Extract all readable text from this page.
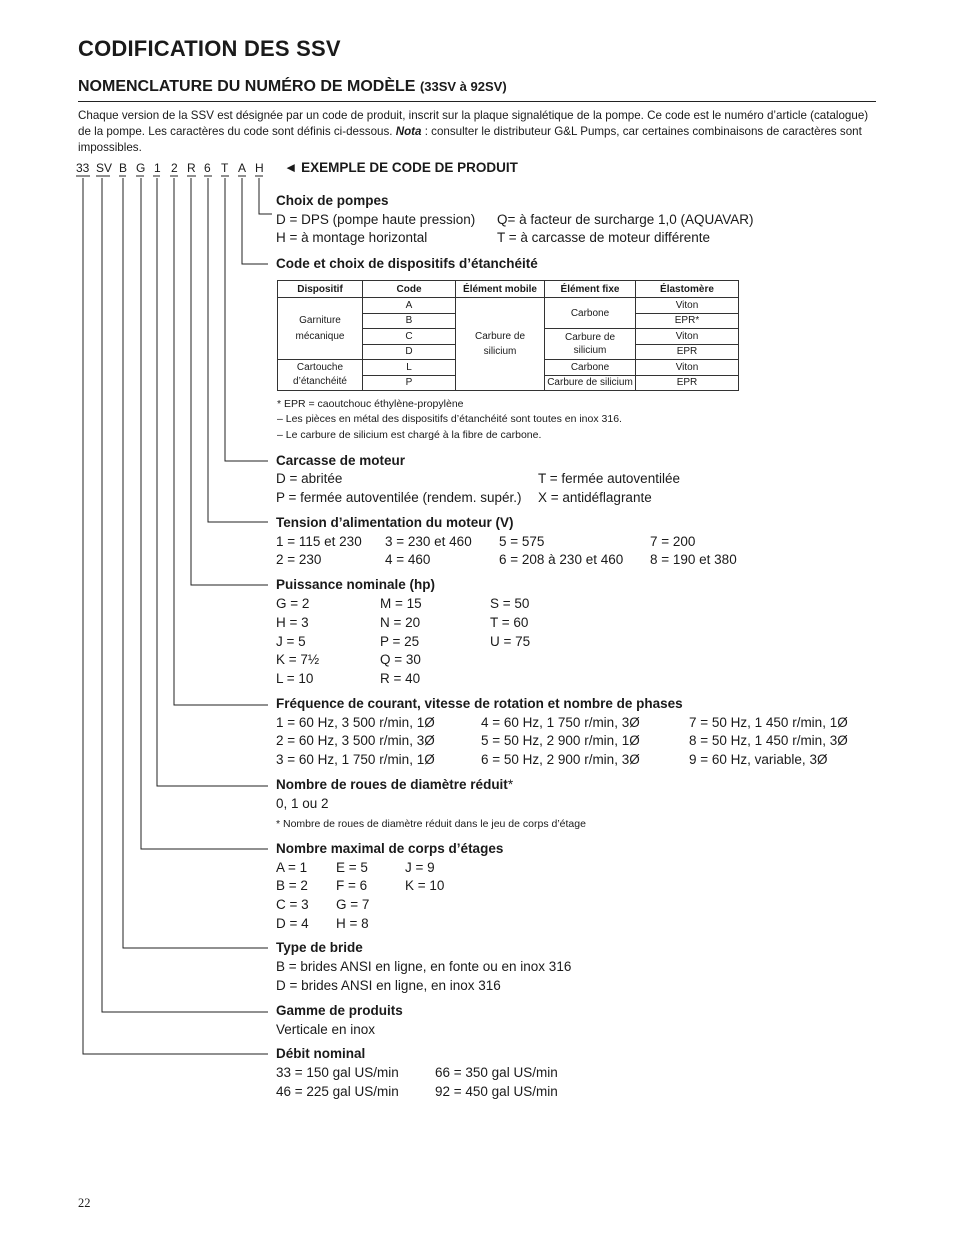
CODIFICATION DES SSV
NOMENCLATURE DU NUMÉRO DE MODÈLE (33SV à 92SV)
Chaque version de la SSV est désignée par un code de produit, inscrit sur la plaque signalétique de la pompe. Ce code est le numéro d’article (catalogue) de la pompe. Les caractères du code sont définis ci-dessous. Nota : consulter le distributeur G&L Pumps, car certaines combinaisons de caractères sont impossibles.
33 SV B G 1 2 R 6 T A H ◄ EXEMPLE DE CODE DE PRODUIT
Choix de pompes
D = DPS (pompe haute pression) Q= à facteur de surcharge 1,0 (AQUAVAR)
H = à montage horizontal	T = à carcasse de moteur différente
Code et choix de dispositifs d’étanchéité
Dispositif	Code	Élément mobile	Élément fixe	Élastomère

Garniture mécanique	A	Carbure de silicium	Carbone	Viton
	B			EPR*
	C		Carbure de silicium	Viton
	D			EPR

Cartouche d’étanchéité	L		Carbone	Viton
	P		Carbure de silicium	EPR
* EPR = caoutchouc éthylène-propylène
– Les pièces en métal des dispositifs d’étanchéité sont toutes en inox 316.
– Le carbure de silicium est chargé à la fibre de carbone.
Carcasse de moteur
D = abritée	T = fermée autoventilée
P = fermée autoventilée (rendem. supér.) X = antidéflagrante
Tension d’alimentation du moteur (V)
1 = 115 et 230 3 = 230 et 460 5 = 575	7 = 200
2 = 230	4 = 460	6 = 208 à 230 et 460 8 = 190 et 380
Puissance nominale (hp)
G = 2	M = 15	S = 50
H = 3	N = 20	T = 60
J = 5	P = 25	U = 75
K = 7½	Q = 30
L = 10	R = 40
Fréquence de courant, vitesse de rotation et nombre de phases
1 = 60 Hz, 3 500 r/min, 1Ø	4 = 60 Hz, 1 750 r/min, 3Ø	7 = 50 Hz, 1 450 r/min, 1Ø
2 = 60 Hz, 3 500 r/min, 3Ø	5 = 50 Hz, 2 900 r/min, 1Ø	8 = 50 Hz, 1 450 r/min, 3Ø
3 = 60 Hz, 1 750 r/min, 1Ø	6 = 50 Hz, 2 900 r/min, 3Ø	9 = 60 Hz, variable, 3Ø
Nombre de roues de diamètre réduit*
0, 1 ou 2
* Nombre de roues de diamètre réduit dans le jeu de corps d’étage
Nombre maximal de corps d’étages
A = 1 E = 5	J = 9
B = 2 F = 6	K = 10
C = 3 G = 7
D = 4 H = 8
Type de bride
B = brides ANSI en ligne, en fonte ou en inox 316
D = brides ANSI en ligne, en inox 316
Gamme de produits
Verticale en inox
Débit nominal
33 = 150 gal US/min	66 = 350 gal US/min
46 = 225 gal US/min	92 = 450 gal US/min
22
